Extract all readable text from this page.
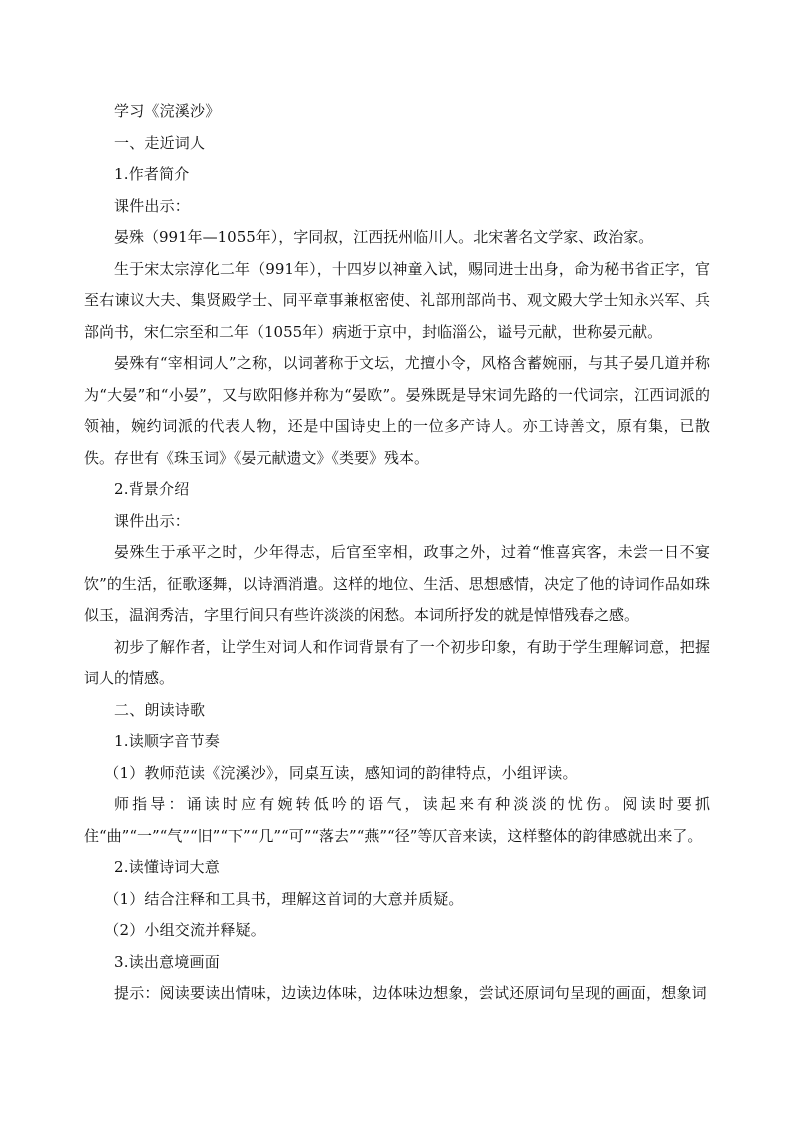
学习《浣溪沙》
一、走近词人
1.作者简介
课件出示：

晏殊（991年—1055年），字同叔，江西抚州临川人。北宋著名文学家、政治家。

生于宋太宗淳化二年（991年），十四岁以神童入试，赐同进士出身，命为秘书省正字，官至右谏议大夫、集贤殿学士、同平章事兼枢密使、礼部刑部尚书、观文殿大学士知永兴军、兵部尚书，宋仁宗至和二年（1055年）病逝于京中，封临淄公，谥号元献，世称晏元献。

晏殊有“宰相词人”之称，以词著称于文坛，尤擅小令，风格含蓄婉丽，与其子晏几道并称为“大晏”和“小晏”，又与欧阳修并称为“晏欧”。晏殊既是导宋词先路的一代词宗，江西词派的领袖，婉约词派的代表人物，还是中国诗史上的一位多产诗人。亦工诗善文，原有集，已散佚。存世有《珠玉词》《晏元献遗文》《类要》残本。

2.背景介绍
课件出示：

晏殊生于承平之时，少年得志，后官至宰相，政事之外，过着“惟喜宾客，未尝一日不宴饮”的生活，征歌逐舞，以诗酒消遣。这样的地位、生活、思想感情，决定了他的诗词作品如珠似玉，温润秀洁，字里行间只有些许淡淡的闲愁。本词所抒发的就是悼惜残春之感。

初步了解作者，让学生对词人和作词背景有了一个初步印象，有助于学生理解词意，把握词人的情感。

二、朗读诗歌
1.读顺字音节奏
（1）教师范读《浣溪沙》，同桌互读，感知词的韵律特点，小组评读。

师指导：诵读时应有婉转低吟的语气，读起来有种淡淡的忧伤。阅读时要抓住“曲”“一”“气”“旧”“下”“几”“可”“落去”“燕”“径”等仄音来读，这样整体的韵律感就出来了。

2.读懂诗词大意
（1）结合注释和工具书，理解这首词的大意并质疑。
（2）小组交流并释疑。
3.读出意境画面
提示：阅读要读出情味，边读边体味，边体味边想象，尝试还原词句呈现的画面，想象词
